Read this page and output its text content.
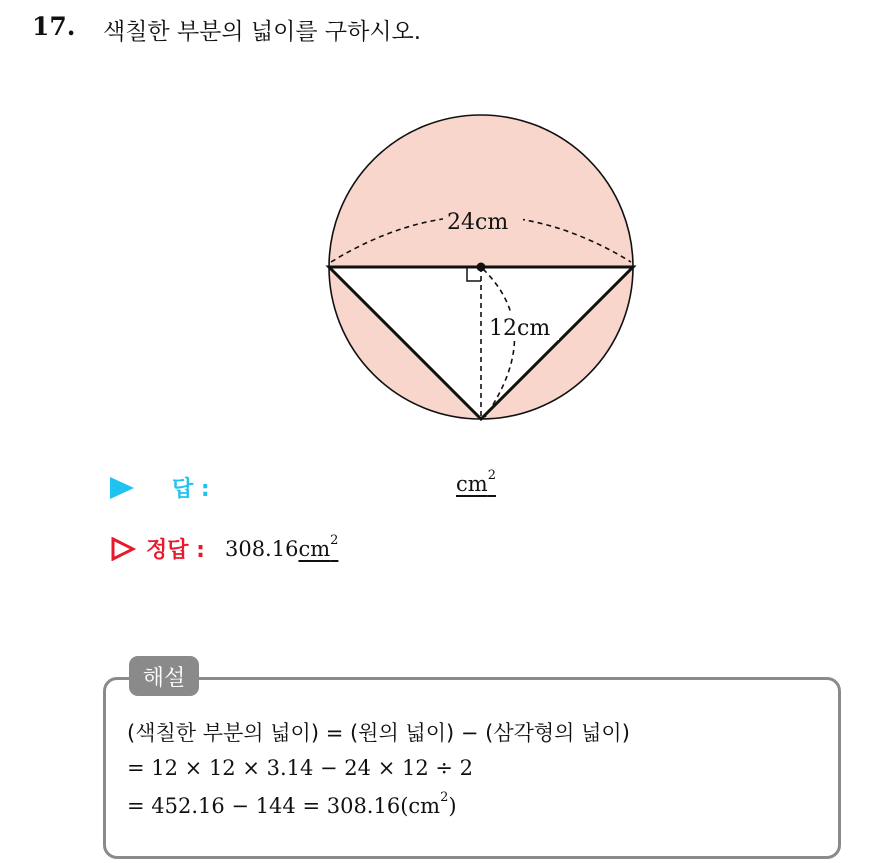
17. 색칠한 부분의 넓이를 구하시오.
24cm
12cm
답 :	$cm^2$
정답 : 308.16 $cm^2$
해설
(색칠한 부분의 넓이) = (원의 넓이) − (삼각형의 넓이)
= 12 × 12 × 3.14 − 24 × 12 ÷ 2
= $452.16 - 144 = 308.16(cm^2)$
